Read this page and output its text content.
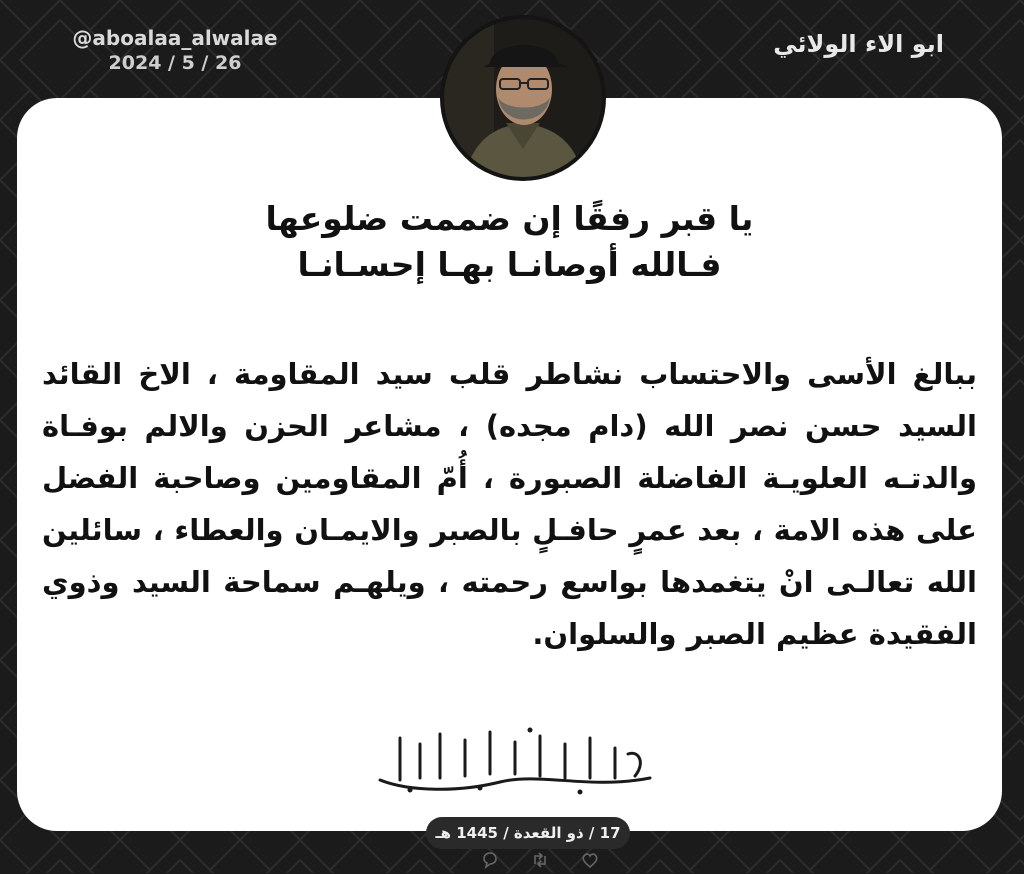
@aboalaa_alwalae
2024 / 5 / 26
ابو الاء الولائي
يا قبر رفقًا إن ضممت ضلوعها
فـالله أوصانـا بهـا إحسـانـا
ببالغ الأسى والاحتساب نشاطر قلب سيد المقاومة ، الاخ القائد السيد حسن نصر الله (دام مجده) ، مشاعر الحزن والالم بوفـاة والدتـه العلويـة الفاضلة الصبورة ، أُمّ المقاومين وصاحبة الفضل على هذه الامة ، بعد عمرٍ حافـلٍ بالصبر والايمـان والعطاء ، سائلين الله تعالـى انْ يتغمدها بواسع رحمته ، ويلهـم سماحة السيد وذوي الفقيدة عظيم الصبر والسلوان.
17 / ذو القعدة / 1445 هـ
